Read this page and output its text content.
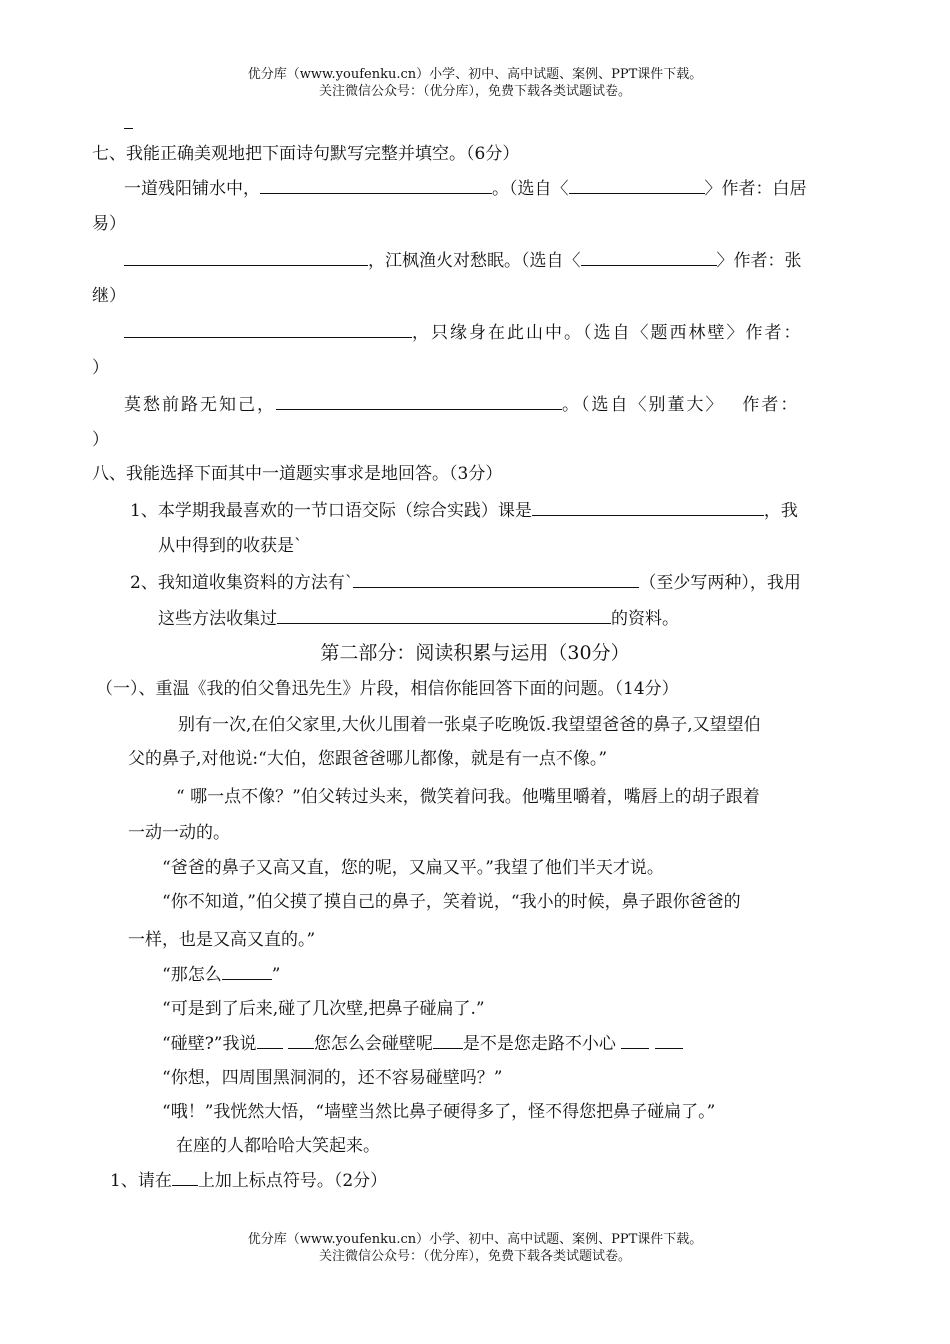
优分库（www.youfenku.cn）小学、初中、高中试题、案例、PPT课件下载。
关注微信公众号：（优分库），免费下载各类试题试卷。
七、我能正确美观地把下面诗句默写完整并填空。（6分）
一道残阳铺水中，	。（选自〈	〉作者：白居
易）
，江枫渔火对愁眠。（选自〈	〉作者：张
继）
，只缘身在此山中。（选自〈题西林壁〉作者：
）
莫愁前路无知己，	。（选自〈别董大〉　 作者：
）
八、我能选择下面其中一道题实事求是地回答。（3分）
1、本学期我最喜欢的一节口语交际（综合实践）课是	，我
从中得到的收获是`
2、我知道收集资料的方法有`	（至少写两种），我用
这些方法收集过	的资料。
第二部分：阅读积累与运用（30分）
（一）、重温《我的伯父鲁迅先生》片段，相信你能回答下面的问题。（14分）
别有一次,在伯父家里,大伙儿围着一张桌子吃晚饭.我望望爸爸的鼻子,又望望伯
父的鼻子,对他说:“大伯，您跟爸爸哪儿都像，就是有一点不像。”
“ 哪一点不像？”伯父转过头来，微笑着问我。他嘴里嚼着，嘴唇上的胡子跟着
一动一动的。
“爸爸的鼻子又高又直，您的呢，又扁又平。”我望了他们半天才说。
“你不知道，”伯父摸了摸自己的鼻子，笑着说，“我小的时候，鼻子跟你爸爸的
一样，也是又高又直的。”
“那怎么	”
“可是到了后来,碰了几次壁,把鼻子碰扁了.”
“碰壁?”我说	您怎么会碰壁呢 是不是您走路不小心
“你想，四周围黑洞洞的，还不容易碰壁吗？”
“哦！”我恍然大悟，“墙壁当然比鼻子硬得多了，怪不得您把鼻子碰扁了。”
在座的人都哈哈大笑起来。
1、请在 上加上标点符号。（2分）
优分库（www.youfenku.cn）小学、初中、高中试题、案例、PPT课件下载。
关注微信公众号：（优分库），免费下载各类试题试卷。
